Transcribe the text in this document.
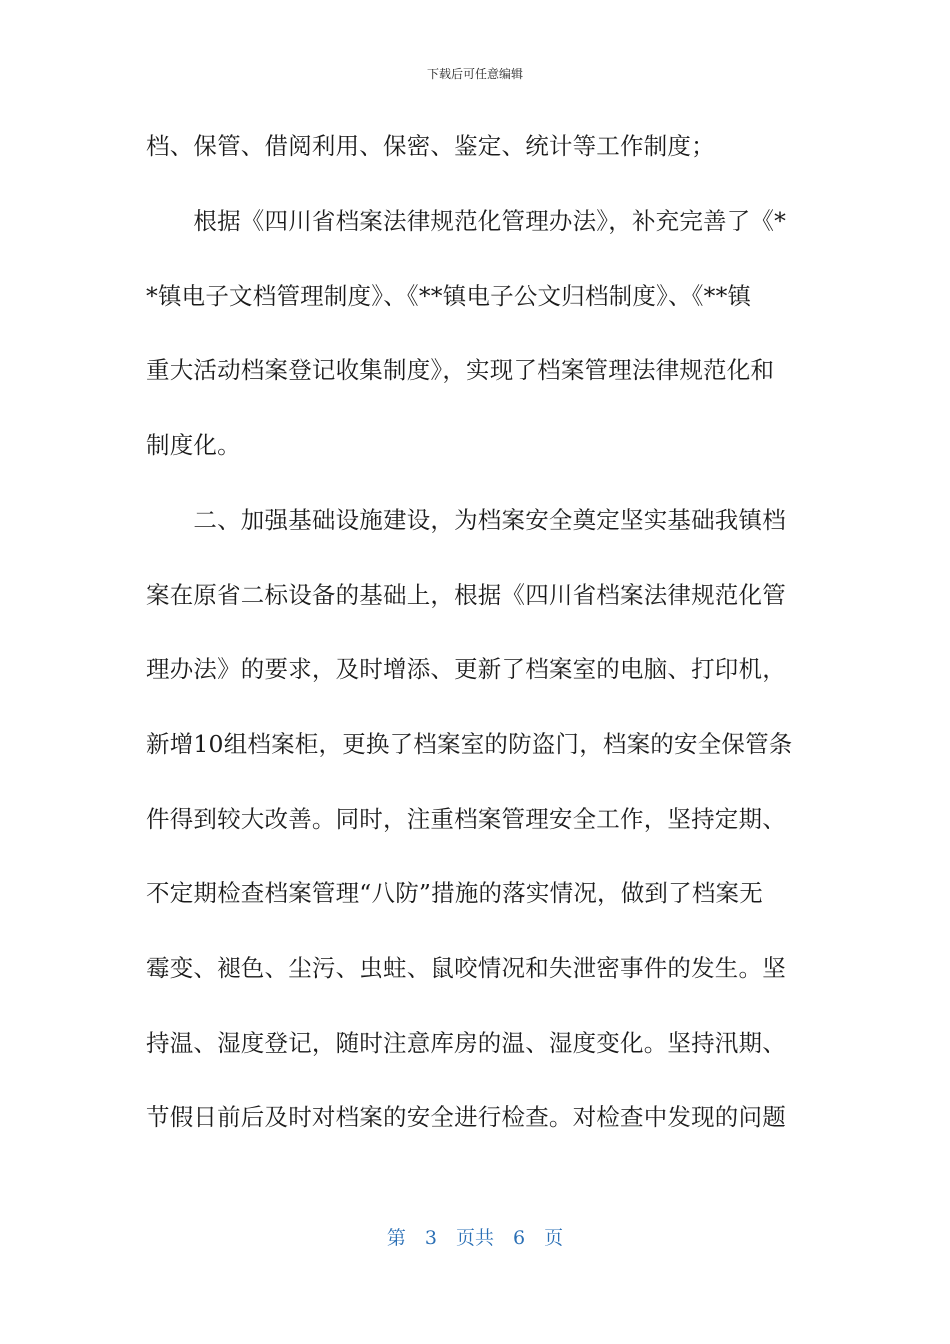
下载后可任意编辑
档、保管、借阅利用、保密、鉴定、统计等工作制度；
　　根据《四川省档案法律规范化管理办法》，补充完善了《*
*镇电子文档管理制度》、《**镇电子公文归档制度》、《**镇
重大活动档案登记收集制度》，实现了档案管理法律规范化和
制度化。
　　二、加强基础设施建设，为档案安全奠定坚实基础我镇档
案在原省二标设备的基础上，根据《四川省档案法律规范化管
理办法》的要求，及时增添、更新了档案室的电脑、打印机，
新增10组档案柜，更换了档案室的防盗门，档案的安全保管条
件得到较大改善。同时，注重档案管理安全工作，坚持定期、
不定期检查档案管理“八防”措施的落实情况，做到了档案无
霉变、褪色、尘污、虫蛀、鼠咬情况和失泄密事件的发生。坚
持温、湿度登记，随时注意库房的温、湿度变化。坚持汛期、
节假日前后及时对档案的安全进行检查。对检查中发现的问题
第　3　页共　6　页
